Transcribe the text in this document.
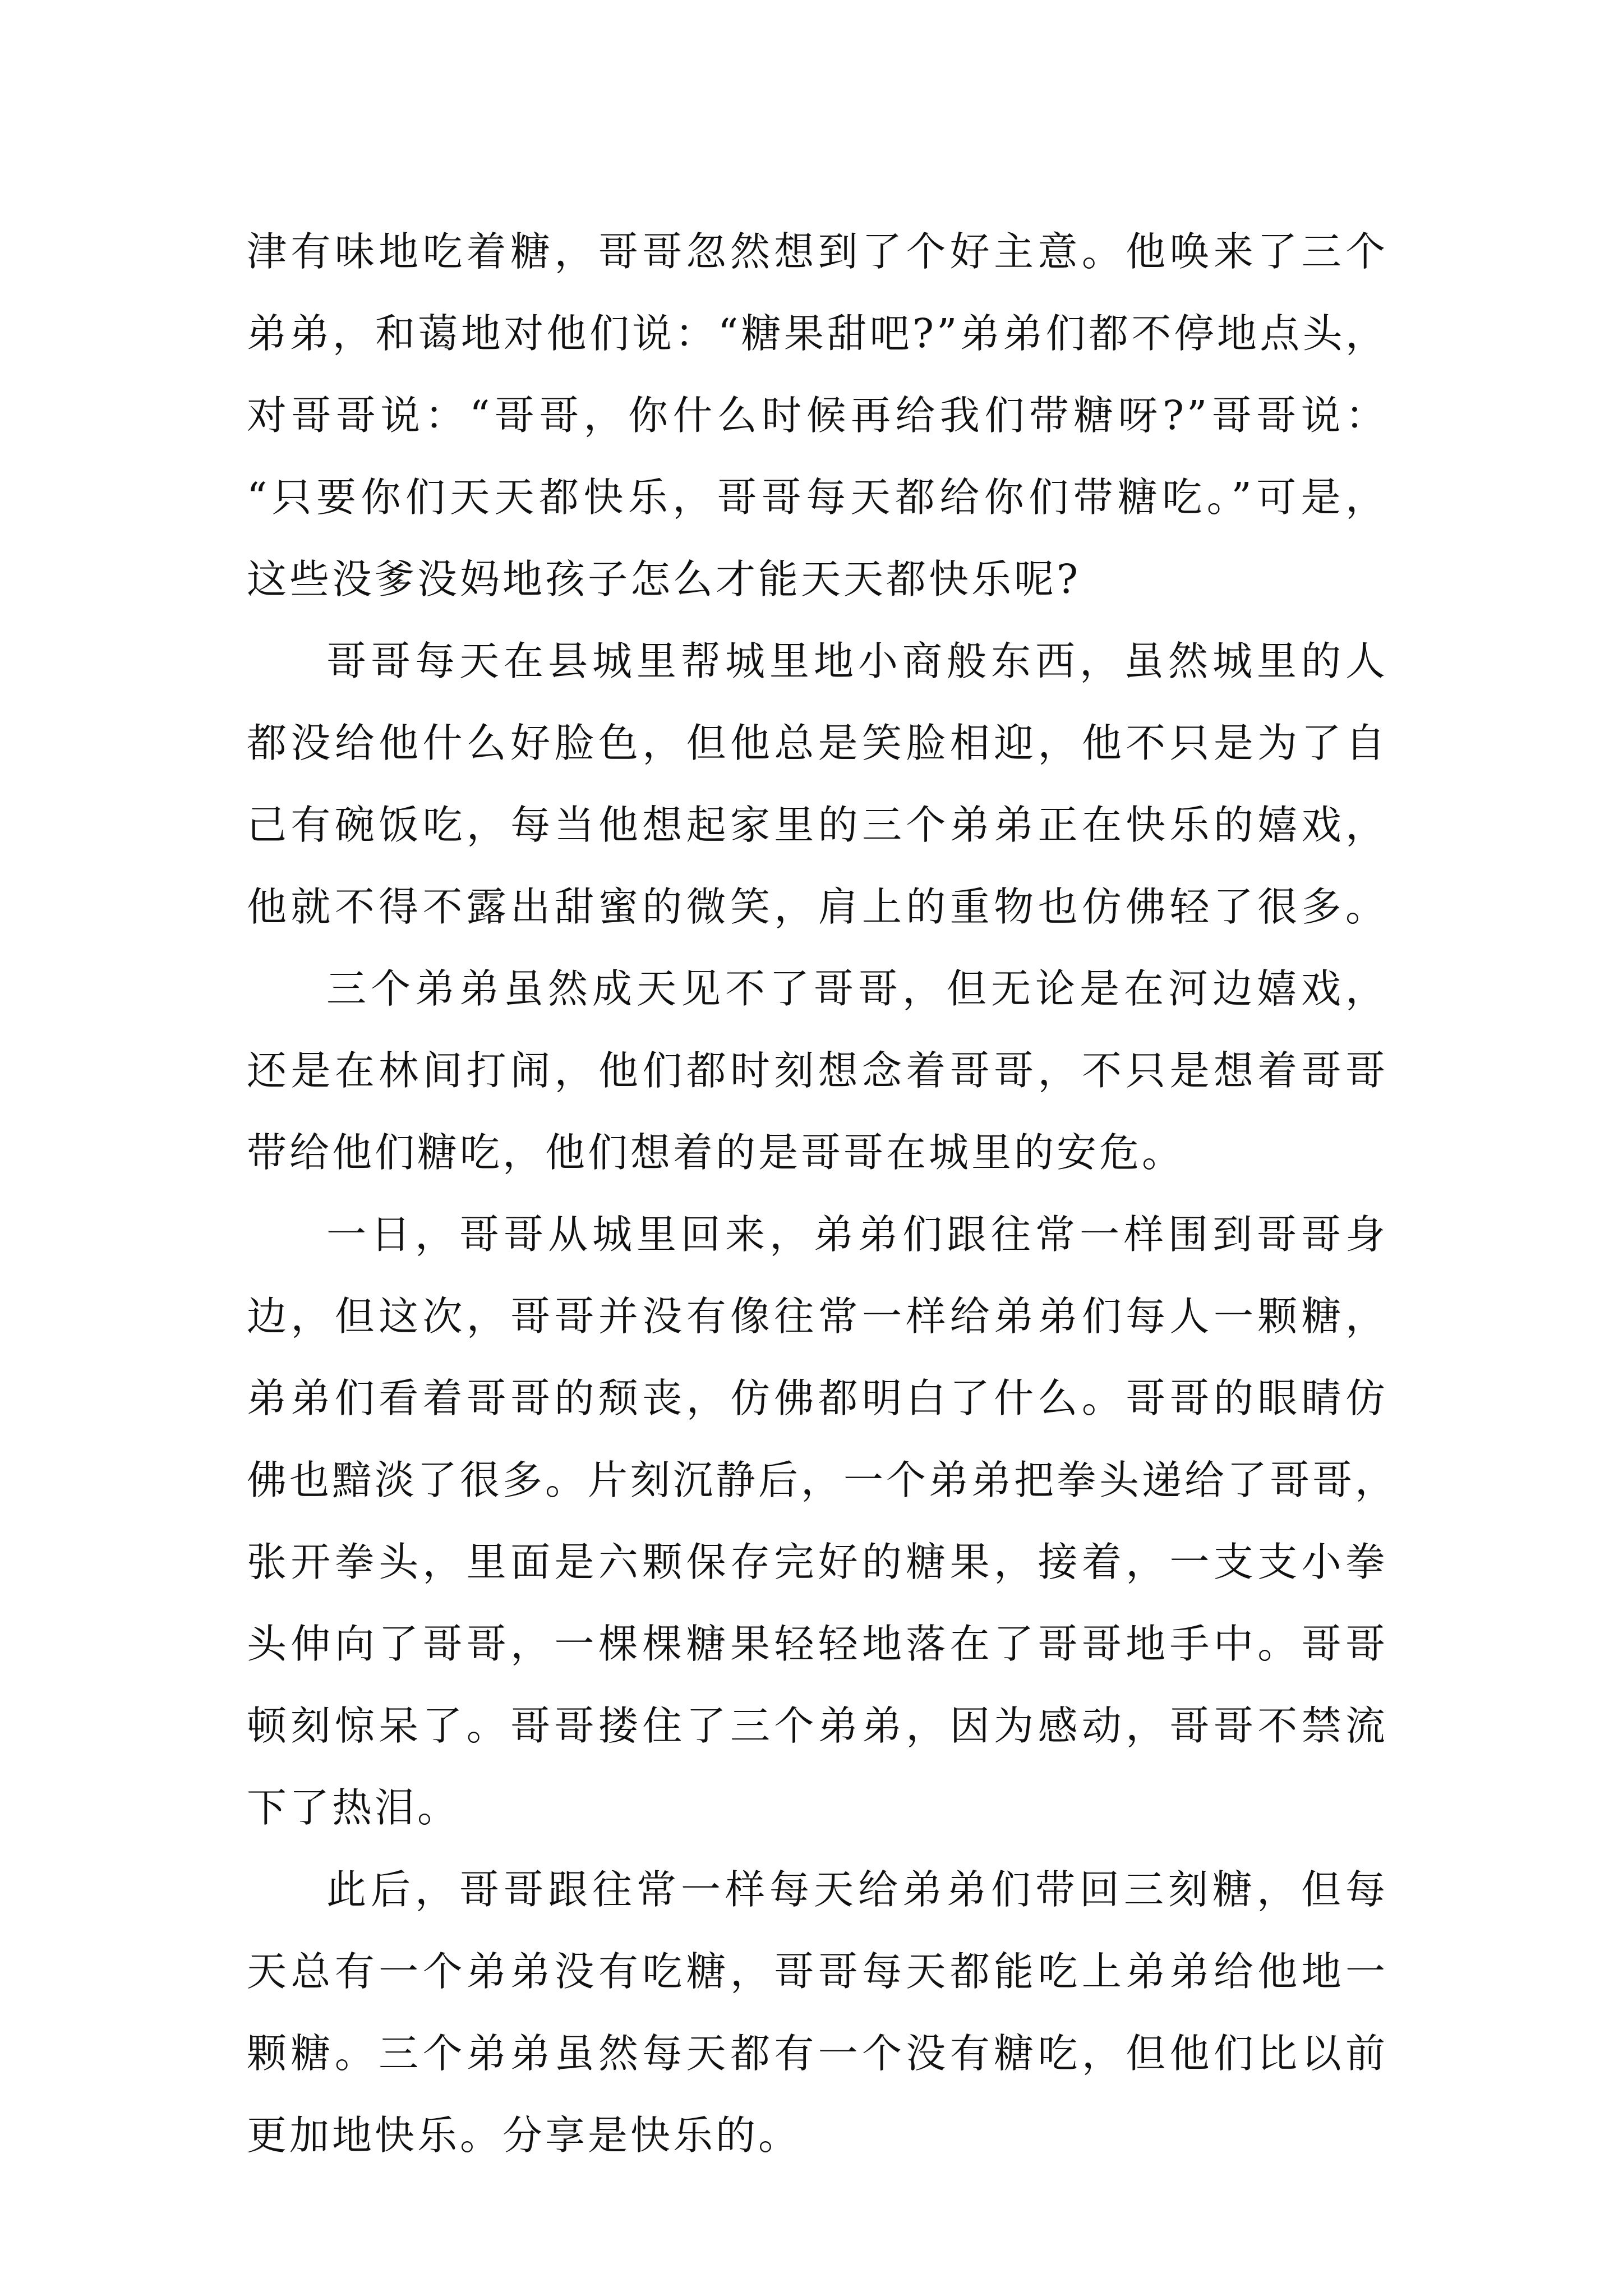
津有味地吃着糖，哥哥忽然想到了个好主意。他唤来了三个
弟弟，和蔼地对他们说：“糖果甜吧?”弟弟们都不停地点头，
对哥哥说：“哥哥，你什么时候再给我们带糖呀?”哥哥说：
“只要你们天天都快乐，哥哥每天都给你们带糖吃。”可是，
这些没爹没妈地孩子怎么才能天天都快乐呢?
哥哥每天在县城里帮城里地小商般东西，虽然城里的人
都没给他什么好脸色，但他总是笑脸相迎，他不只是为了自
己有碗饭吃，每当他想起家里的三个弟弟正在快乐的嬉戏，
他就不得不露出甜蜜的微笑，肩上的重物也仿佛轻了很多。
三个弟弟虽然成天见不了哥哥，但无论是在河边嬉戏，
还是在林间打闹，他们都时刻想念着哥哥，不只是想着哥哥
带给他们糖吃，他们想着的是哥哥在城里的安危。
一日，哥哥从城里回来，弟弟们跟往常一样围到哥哥身
边，但这次，哥哥并没有像往常一样给弟弟们每人一颗糖，
弟弟们看着哥哥的颓丧，仿佛都明白了什么。哥哥的眼睛仿
佛也黯淡了很多。片刻沉静后，一个弟弟把拳头递给了哥哥，
张开拳头，里面是六颗保存完好的糖果，接着，一支支小拳
头伸向了哥哥，一棵棵糖果轻轻地落在了哥哥地手中。哥哥
顿刻惊呆了。哥哥搂住了三个弟弟，因为感动，哥哥不禁流
下了热泪。
此后，哥哥跟往常一样每天给弟弟们带回三刻糖，但每
天总有一个弟弟没有吃糖，哥哥每天都能吃上弟弟给他地一
颗糖。三个弟弟虽然每天都有一个没有糖吃，但他们比以前
更加地快乐。分享是快乐的。
